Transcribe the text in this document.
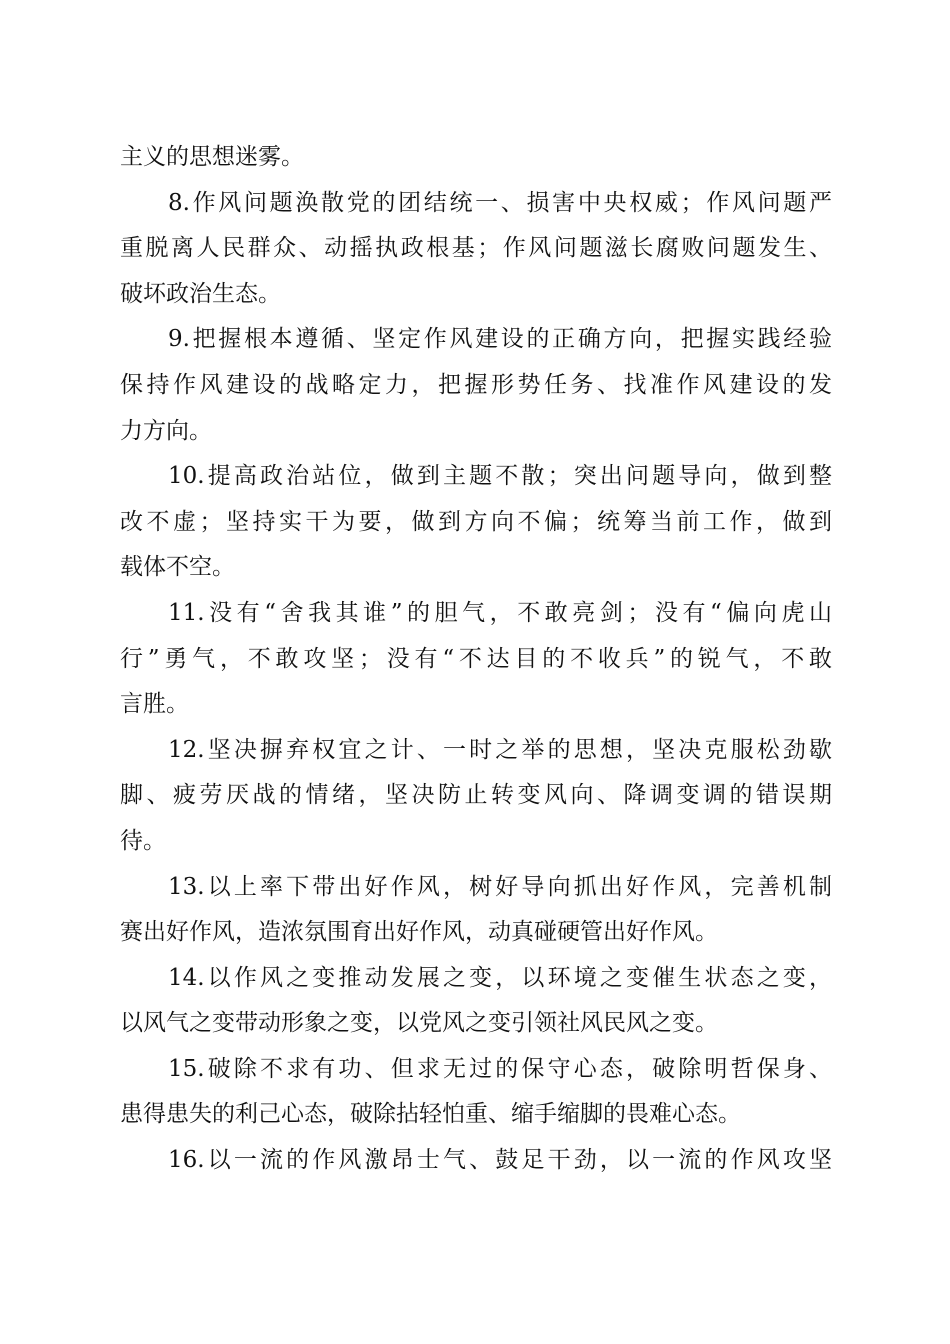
主义的思想迷雾。
8.作风问题涣散党的团结统一、损害中央权威；作风问题严
重脱离人民群众、动摇执政根基；作风问题滋长腐败问题发生、
破坏政治生态。
9.把握根本遵循、坚定作风建设的正确方向，把握实践经验
保持作风建设的战略定力，把握形势任务、找准作风建设的发
力方向。
10.提高政治站位，做到主题不散；突出问题导向，做到整
改不虚；坚持实干为要，做到方向不偏；统筹当前工作，做到
载体不空。
11.没有“舍我其谁”的胆气，不敢亮剑；没有“偏向虎山
行”勇气，不敢攻坚；没有“不达目的不收兵”的锐气，不敢
言胜。
12.坚决摒弃权宜之计、一时之举的思想，坚决克服松劲歇
脚、疲劳厌战的情绪，坚决防止转变风向、降调变调的错误期
待。
13.以上率下带出好作风，树好导向抓出好作风，完善机制
赛出好作风，造浓氛围育出好作风，动真碰硬管出好作风。
14.以作风之变推动发展之变，以环境之变催生状态之变，
以风气之变带动形象之变，以党风之变引领社风民风之变。
15.破除不求有功、但求无过的保守心态，破除明哲保身、
患得患失的利己心态，破除拈轻怕重、缩手缩脚的畏难心态。
16.以一流的作风激昂士气、鼓足干劲，以一流的作风攻坚
